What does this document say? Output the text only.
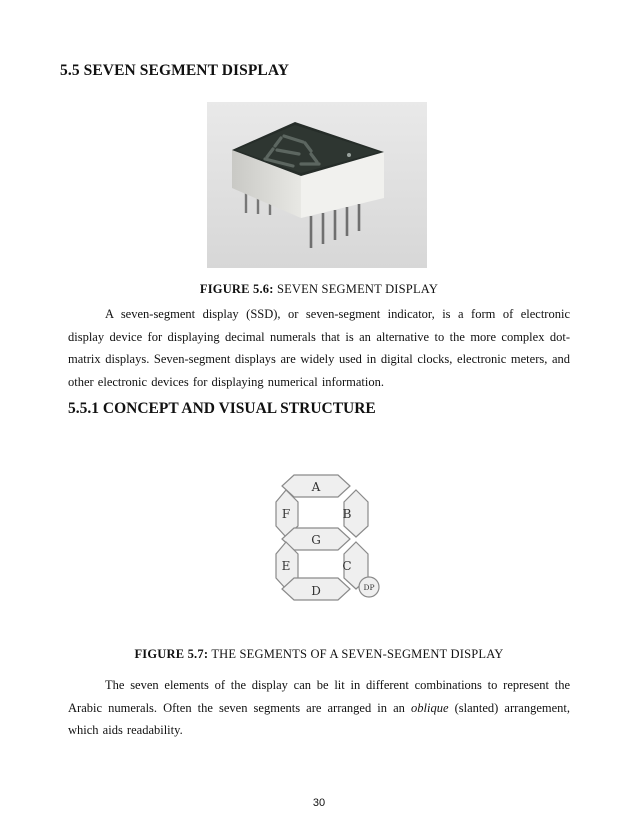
5.5 SEVEN SEGMENT DISPLAY
FIGURE 5.6: SEVEN SEGMENT DISPLAY

A seven-segment display (SSD), or seven-segment indicator, is a form of electronic display device for displaying decimal numerals that is an alternative to the more complex dot-matrix displays. Seven-segment displays are widely used in digital clocks, electronic meters, and other electronic devices for displaying numerical information.

5.5.1 CONCEPT AND VISUAL STRUCTURE
A
F	B
G
E	C
D	DP
FIGURE 5.7: THE SEGMENTS OF A SEVEN-SEGMENT DISPLAY

The seven elements of the display can be lit in different combinations to represent the Arabic numerals. Often the seven segments are arranged in an oblique (slanted) arrangement, which aids readability.

30
